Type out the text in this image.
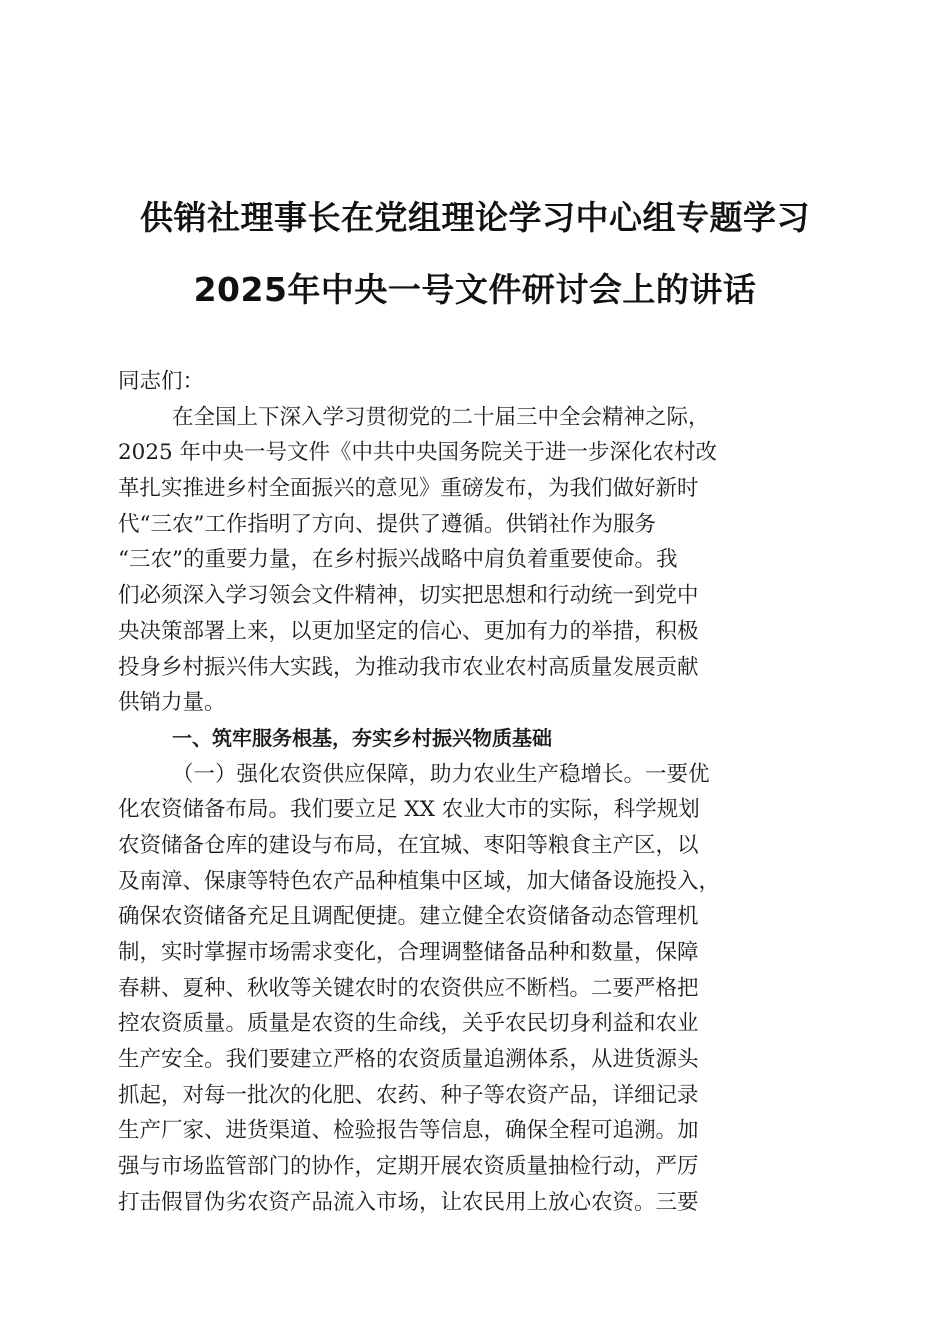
供销社理事长在党组理论学习中心组专题学习
2025年中央一号文件研讨会上的讲话
同志们：
在全国上下深入学习贯彻党的二十届三中全会精神之际，
2025 年中央一号文件《中共中央国务院关于进一步深化农村改
革扎实推进乡村全面振兴的意见》重磅发布，为我们做好新时
代“三农”工作指明了方向、提供了遵循。供销社作为服务
“三农”的重要力量，在乡村振兴战略中肩负着重要使命。我
们必须深入学习领会文件精神，切实把思想和行动统一到党中
央决策部署上来，以更加坚定的信心、更加有力的举措，积极
投身乡村振兴伟大实践，为推动我市农业农村高质量发展贡献
供销力量。
一、筑牢服务根基，夯实乡村振兴物质基础
（一）强化农资供应保障，助力农业生产稳增长。一要优
化农资储备布局。我们要立足 XX 农业大市的实际，科学规划
农资储备仓库的建设与布局，在宜城、枣阳等粮食主产区，以
及南漳、保康等特色农产品种植集中区域，加大储备设施投入，
确保农资储备充足且调配便捷。建立健全农资储备动态管理机
制，实时掌握市场需求变化，合理调整储备品种和数量，保障
春耕、夏种、秋收等关键农时的农资供应不断档。二要严格把
控农资质量。质量是农资的生命线，关乎农民切身利益和农业
生产安全。我们要建立严格的农资质量追溯体系，从进货源头
抓起，对每一批次的化肥、农药、种子等农资产品，详细记录
生产厂家、进货渠道、检验报告等信息，确保全程可追溯。加
强与市场监管部门的协作，定期开展农资质量抽检行动，严厉
打击假冒伪劣农资产品流入市场，让农民用上放心农资。三要
